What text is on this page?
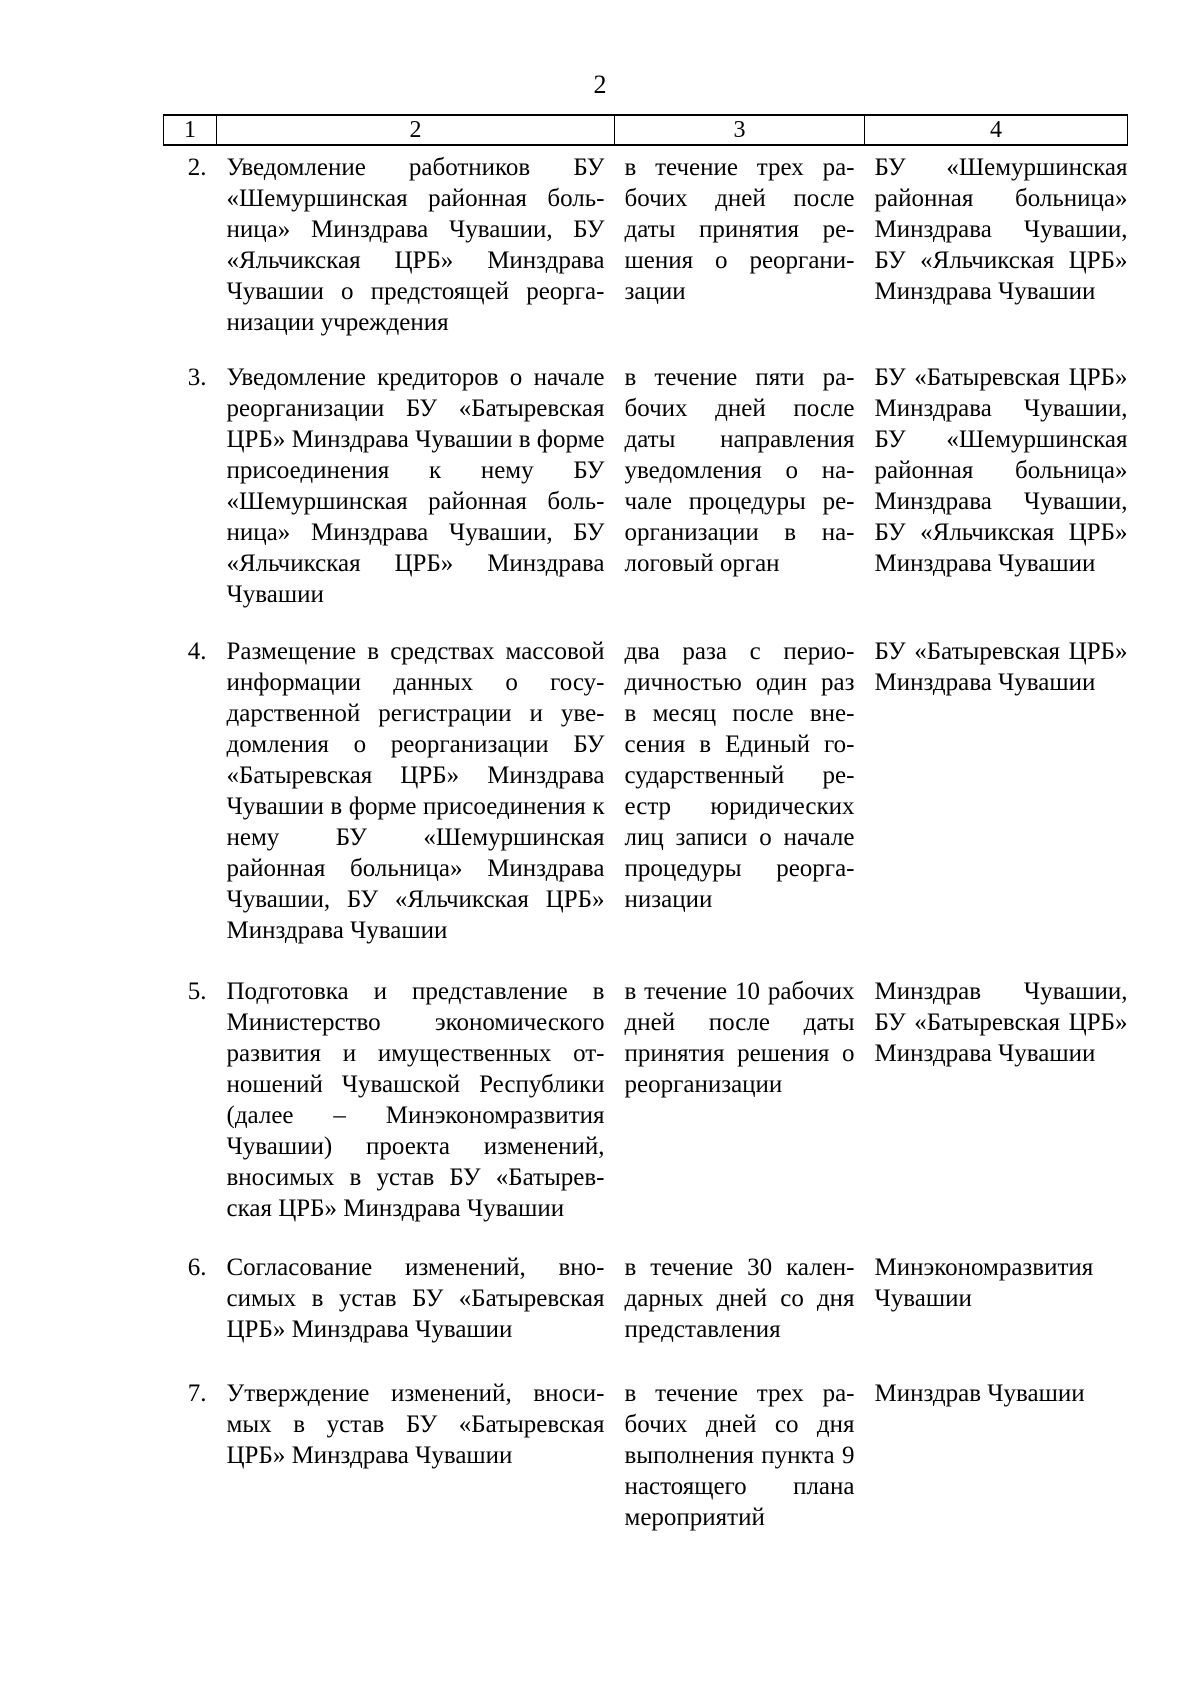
2
1	2	3	4
2.	Уведомление работников БУ «Шемуршинская районная больница» Минздрава Чувашии, БУ «Яльчикская ЦРБ» Минздрава Чувашии о предстоящей реорганизации учреждения	в течение трех рабочих дней после даты принятия решения о реорганизации	БУ «Шемуршинская районная больница» Минздрава Чувашии, БУ «Яльчикская ЦРБ» Минздрава Чувашии
3.	Уведомление кредиторов о начале реорганизации БУ «Батыревская ЦРБ» Минздрава Чувашии в форме присоединения к нему БУ «Шемуршинская районная больница» Минздрава Чувашии, БУ «Яльчикская ЦРБ» Минздрава Чувашии	в течение пяти рабочих дней после даты направления уведомления о начале процедуры реорганизации в налоговый орган	БУ «Батыревская ЦРБ» Минздрава Чувашии, БУ «Шемуршинская районная больница» Минздрава Чувашии, БУ «Яльчикская ЦРБ» Минздрава Чувашии
4.	Размещение в средствах массовой информации данных о государственной регистрации и уведомления о реорганизации БУ «Батыревская ЦРБ» Минздрава Чувашии в форме присоединения к нему БУ «Шемуршинская районная больница» Минздрава Чувашии, БУ «Яльчикская ЦРБ» Минздрава Чувашии	два раза с периодичностью один раз в месяц после внесения в Единый государственный реестр юридических лиц записи о начале процедуры реорганизации	БУ «Батыревская ЦРБ» Минздрава Чувашии
5.	Подготовка и представление в Министерство экономического развития и имущественных отношений Чувашской Республики (далее – Минэкономразвития Чувашии) проекта изменений, вносимых в устав БУ «Батыревская ЦРБ» Минздрава Чувашии	в течение 10 рабочих дней после даты принятия решения о реорганизации	Минздрав Чувашии, БУ «Батыревская ЦРБ» Минздрава Чувашии
6.	Согласование изменений, вносимых в устав БУ «Батыревская ЦРБ» Минздрава Чувашии	в течение 30 календарных дней со дня представления	Минэкономразвития Чувашии
7.	Утверждение изменений, вносимых в устав БУ «Батыревская ЦРБ» Минздрава Чувашии	в течение трех рабочих дней со дня выполнения пункта 9 настоящего плана мероприятий	Минздрав Чувашии
